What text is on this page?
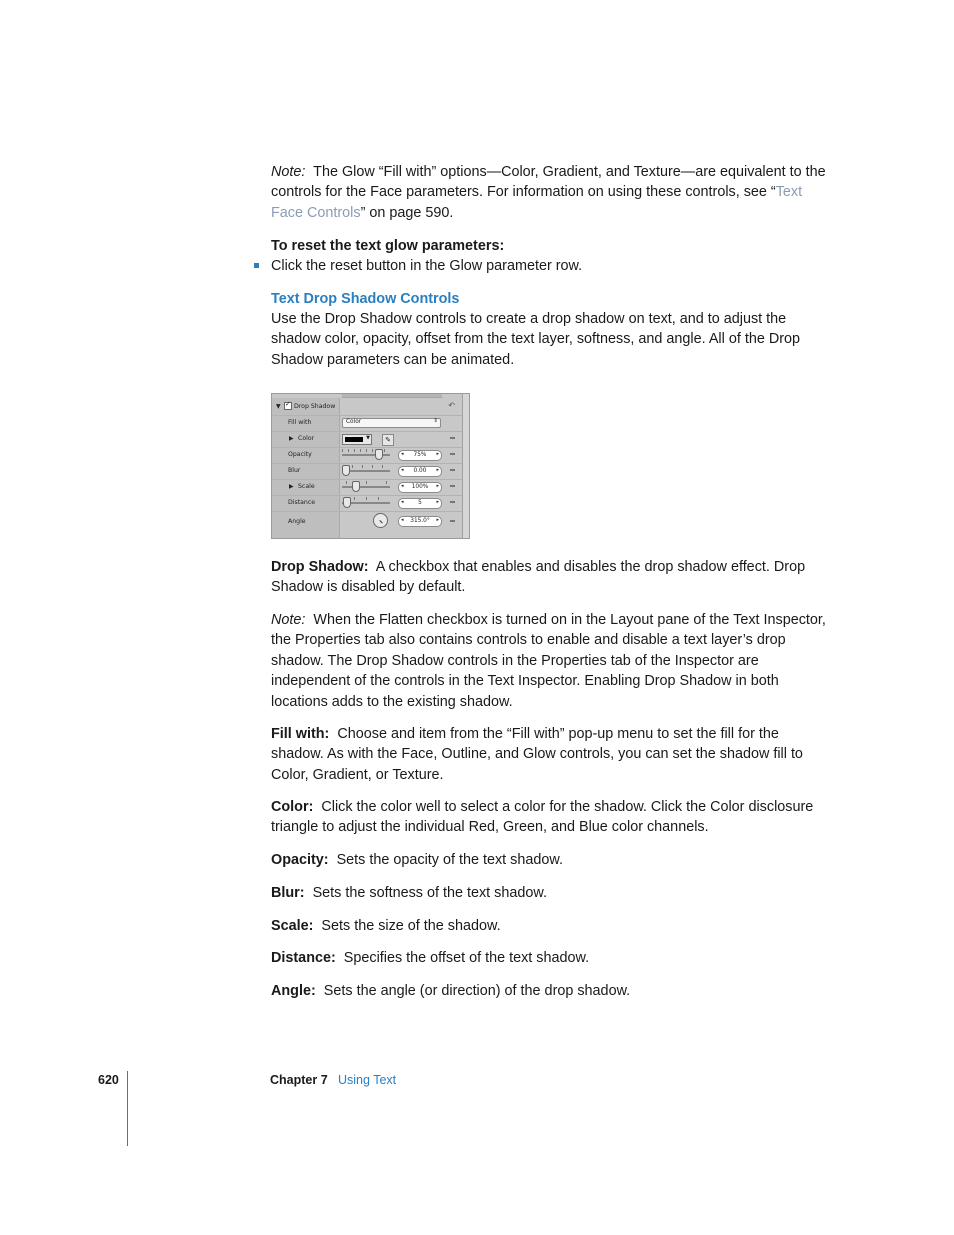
Note: The Glow “Fill with” options—Color, Gradient, and Texture—are equivalent to the controls for the Face parameters. For information on using these controls, see “Text Face Controls” on page 590.

To reset the text glow parameters:

Click the reset button in the Glow parameter row.

Text Drop Shadow Controls

Use the Drop Shadow controls to create a drop shadow on text, and to adjust the shadow color, opacity, offset from the text layer, softness, and angle. All of the Drop Shadow parameters can be animated.

▼
✓ Drop Shadow	↶
Fill with	Color	⇕
▶ Color	▼	✎
Opacity	◂	75%	▸
Blur	◂	0.00	▸
▶ Scale	◂	100%	▸
Distance	◂	5	▸
Angle	◂	315.0°	▸

Drop Shadow: A checkbox that enables and disables the drop shadow effect. Drop Shadow is disabled by default.

Note: When the Flatten checkbox is turned on in the Layout pane of the Text Inspector, the Properties tab also contains controls to enable and disable a text layer’s drop shadow. The Drop Shadow controls in the Properties tab of the Inspector are independent of the controls in the Text Inspector. Enabling Drop Shadow in both locations adds to the existing shadow.

Fill with: Choose and item from the “Fill with” pop-up menu to set the fill for the shadow. As with the Face, Outline, and Glow controls, you can set the shadow fill to Color, Gradient, or Texture.

Color: Click the color well to select a color for the shadow. Click the Color disclosure triangle to adjust the individual Red, Green, and Blue color channels.

Opacity: Sets the opacity of the text shadow.

Blur: Sets the softness of the text shadow.

Scale: Sets the size of the shadow.

Distance: Specifies the offset of the text shadow.

Angle: Sets the angle (or direction) of the drop shadow.

620	Chapter 7 Using Text
